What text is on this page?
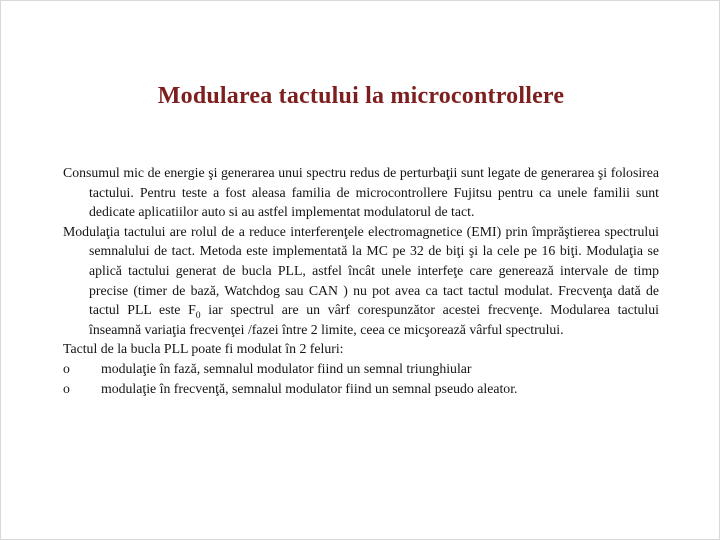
Modularea tactului la microcontrollere

Consumul mic de energie şi generarea unui spectru redus de perturbaţii sunt legate de generarea şi folosirea tactului. Pentru teste a fost aleasa familia de microcontrollere Fujitsu pentru ca unele familii sunt dedicate aplicatiilor auto si au astfel implementat modulatorul de tact.

Modulaţia tactului are rolul de a reduce interferenţele electromagnetice (EMI) prin împrăştierea spectrului semnalului de tact. Metoda este implementată la MC pe 32 de biţi şi la cele pe 16 biţi. Modulaţia se aplică tactului generat de bucla PLL, astfel încât unele interfeţe care generează intervale de timp precise (timer de bază, Watchdog sau CAN ) nu pot avea ca tact tactul modulat. Frecvenţa dată de tactul PLL este $F_0$ iar spectrul are un vârf corespunzător acestei frecvenţe. Modularea tactului înseamnă variaţia frecvenţei /fazei între 2 limite, ceea ce micşorează vârful spectrului.

Tactul de la bucla PLL poate fi modulat în 2 feluri:

o	modulaţie în fază, semnalul modulator fiind un semnal triunghiular
o	modulaţie în frecvenţă, semnalul modulator fiind un semnal pseudo aleator.
